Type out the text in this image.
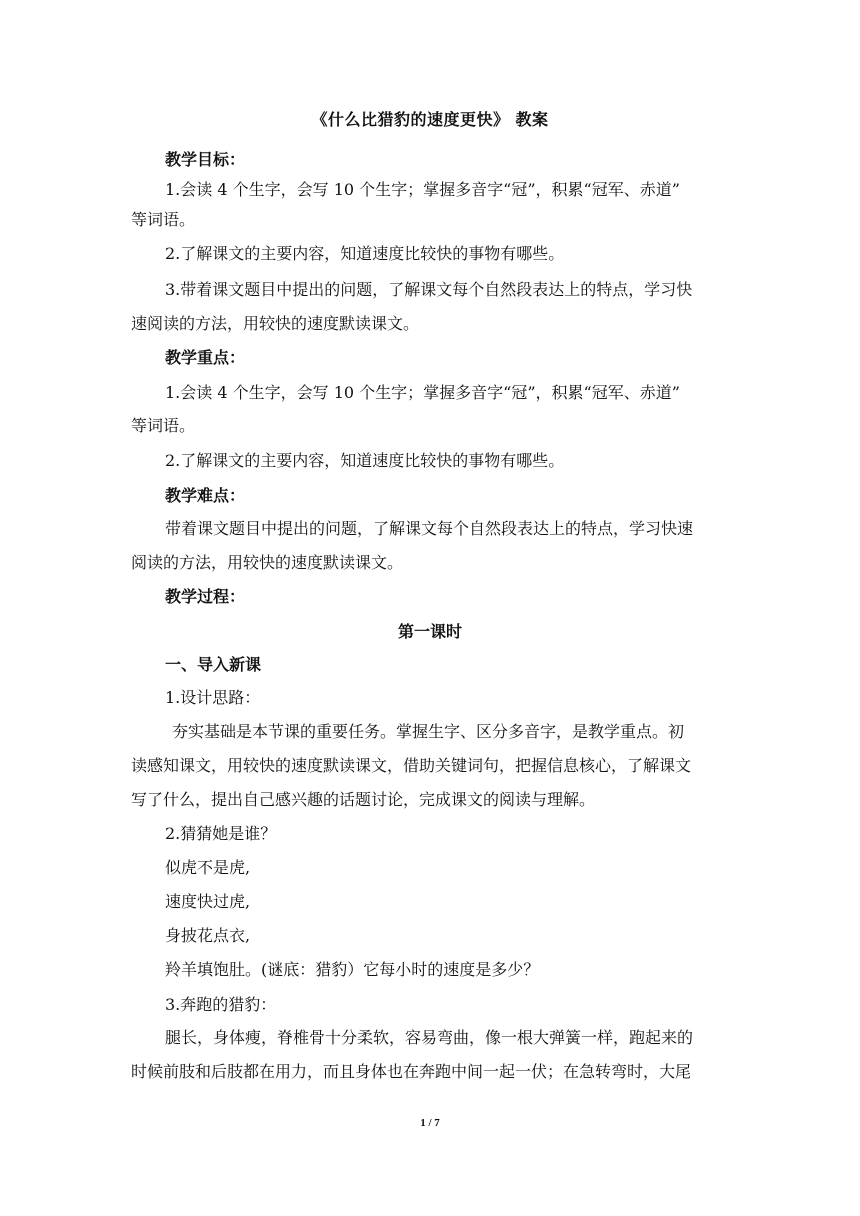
《什么比猎豹的速度更快》 教案

教学目标：

1.会读 4 个生字，会写 10 个生字；掌握多音字“冠”，积累“冠军、赤道”

等词语。

2.了解课文的主要内容，知道速度比较快的事物有哪些。

3.带着课文题目中提出的问题，了解课文每个自然段表达上的特点，学习快

速阅读的方法，用较快的速度默读课文。

教学重点：

1.会读 4 个生字，会写 10 个生字；掌握多音字“冠”，积累“冠军、赤道”

等词语。

2.了解课文的主要内容，知道速度比较快的事物有哪些。

教学难点：

带着课文题目中提出的问题，了解课文每个自然段表达上的特点，学习快速

阅读的方法，用较快的速度默读课文。

教学过程：

第一课时

一、导入新课

1.设计思路：

夯实基础是本节课的重要任务。掌握生字、区分多音字，是教学重点。初

读感知课文，用较快的速度默读课文，借助关键词句，把握信息核心，了解课文

写了什么，提出自己感兴趣的话题讨论，完成课文的阅读与理解。

2.猜猜她是谁？

似虎不是虎,

速度快过虎,

身披花点衣,

羚羊填饱肚。(谜底：猎豹）它每小时的速度是多少？

3.奔跑的猎豹：

腿长，身体瘦，脊椎骨十分柔软，容易弯曲，像一根大弹簧一样，跑起来的

时候前肢和后肢都在用力，而且身体也在奔跑中间一起一伏；在急转弯时，大尾

1 / 7
